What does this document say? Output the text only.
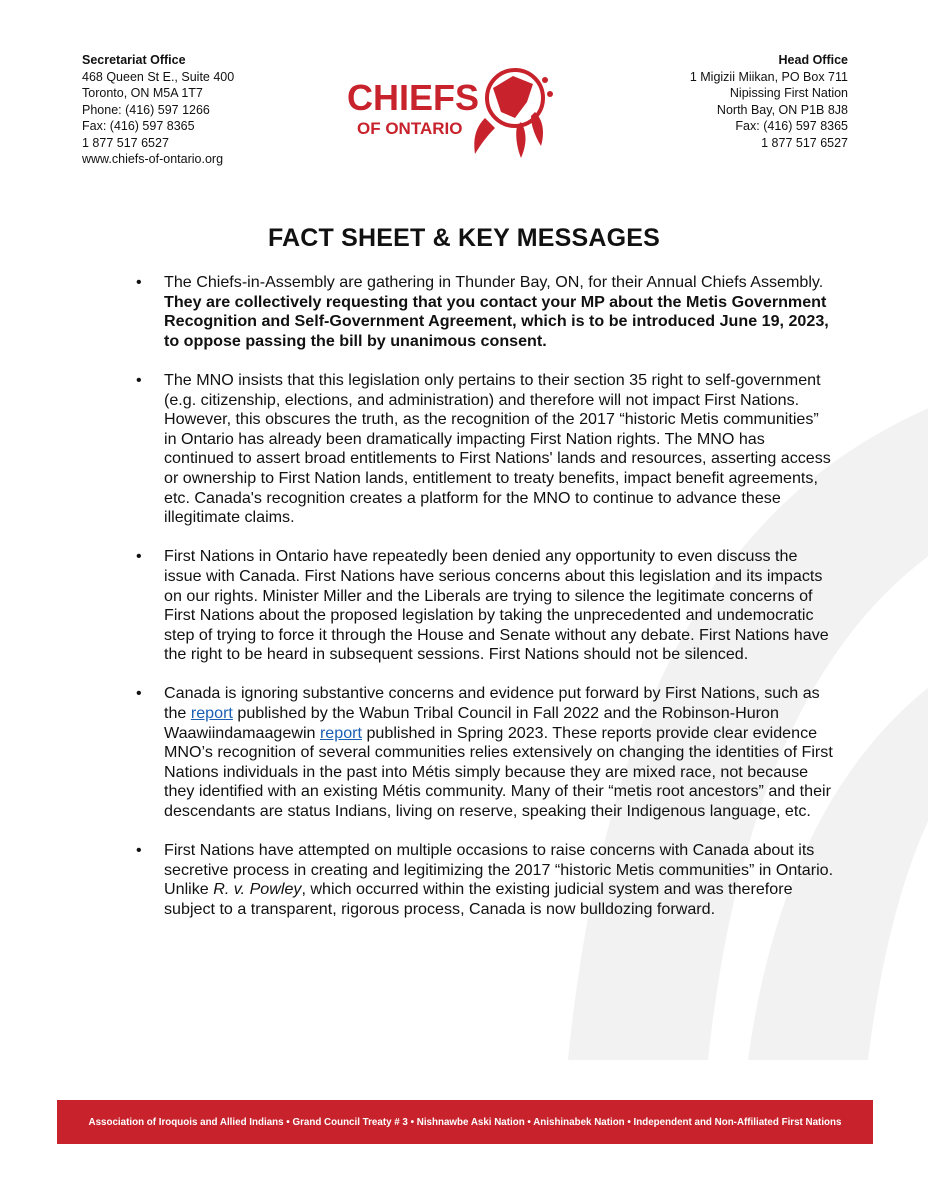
Secretariat Office
468 Queen St E., Suite 400
Toronto, ON M5A 1T7
Phone: (416) 597 1266
Fax: (416) 597 8365
1 877 517 6527
www.chiefs-of-ontario.org
CHIEFS
OF ONTARIO
Head Office
1 Migizii Miikan, PO Box 711
Nipissing First Nation
North Bay, ON P1B 8J8
Fax: (416) 597 8365
1 877 517 6527
FACT SHEET & KEY MESSAGES
• The Chiefs-in-Assembly are gathering in Thunder Bay, ON, for their Annual Chiefs Assembly. They are collectively requesting that you contact your MP about the Metis Government Recognition and Self-Government Agreement, which is to be introduced June 19, 2023, to oppose passing the bill by unanimous consent.
• The MNO insists that this legislation only pertains to their section 35 right to self-government (e.g. citizenship, elections, and administration) and therefore will not impact First Nations. However, this obscures the truth, as the recognition of the 2017 “historic Metis communities” in Ontario has already been dramatically impacting First Nation rights. The MNO has continued to assert broad entitlements to First Nations' lands and resources, asserting access or ownership to First Nation lands, entitlement to treaty benefits, impact benefit agreements, etc. Canada's recognition creates a platform for the MNO to continue to advance these illegitimate claims.
• First Nations in Ontario have repeatedly been denied any opportunity to even discuss the issue with Canada. First Nations have serious concerns about this legislation and its impacts on our rights. Minister Miller and the Liberals are trying to silence the legitimate concerns of First Nations about the proposed legislation by taking the unprecedented and undemocratic step of trying to force it through the House and Senate without any debate. First Nations have the right to be heard in subsequent sessions. First Nations should not be silenced.
• Canada is ignoring substantive concerns and evidence put forward by First Nations, such as the report published by the Wabun Tribal Council in Fall 2022 and the Robinson-Huron Waawiindamaagewin report published in Spring 2023. These reports provide clear evidence MNO’s recognition of several communities relies extensively on changing the identities of First Nations individuals in the past into Métis simply because they are mixed race, not because they identified with an existing Métis community. Many of their “metis root ancestors” and their descendants are status Indians, living on reserve, speaking their Indigenous language, etc.
• First Nations have attempted on multiple occasions to raise concerns with Canada about its secretive process in creating and legitimizing the 2017 “historic Metis communities” in Ontario. Unlike R. v. Powley, which occurred within the existing judicial system and was therefore subject to a transparent, rigorous process, Canada is now bulldozing forward.
Association of Iroquois and Allied Indians • Grand Council Treaty # 3 • Nishnawbe Aski Nation • Anishinabek Nation • Independent and Non-Affiliated First Nations
